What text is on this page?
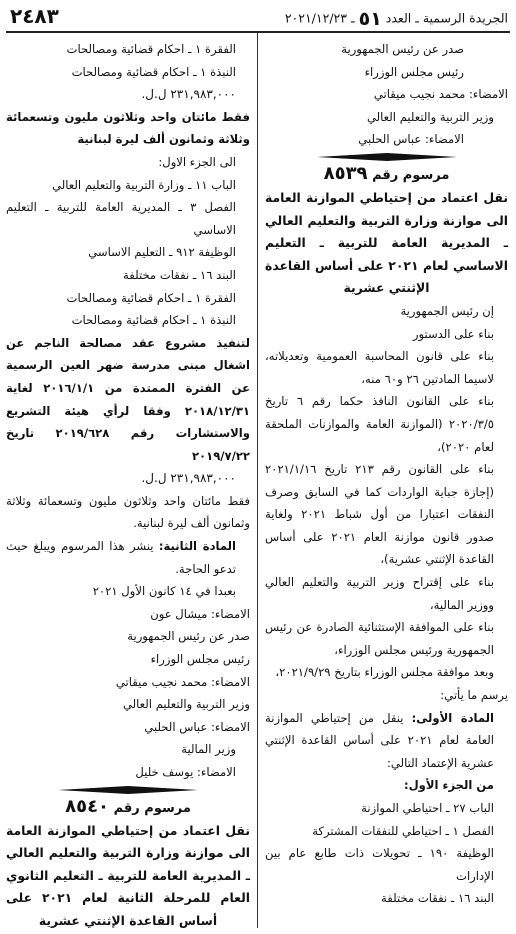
الجريدة الرسمية ـ العدد ٥١ ـ ٢٠٢١/١٢/٢٣
٢٤٨٣

صدر عن رئيس الجمهورية

رئيس مجلس الوزراء

الامضاء: محمد نجيب ميقاتي

وزير التربية والتعليم العالي

الامضاء: عباس الحلبي

مرسوم رقم ٨٥٣٩

نقل اعتماد من إحتياطي الموازنة العامة الى موازنة وزارة التربية والتعليم العالي ـ المديرية العامة للتربية ـ التعليم الاساسي لعام ٢٠٢١ على أساس القاعدة الإثنتي عشرية

إن رئيس الجمهورية

بناء على الدستور

بناء على قانون المحاسبة العمومية وتعديلاته، لاسيما المادتين ٢٦ و٦٠ منه،

بناء على القانون النافذ حكما رقم ٦ تاريخ ٢٠٢٠/٣/٥ (الموازنة العامة والموازنات الملحقة لعام ٢٠٢٠)،

بناء على القانون رقم ٢١٣ تاريخ ٢٠٢١/١/١٦ (إجازة جباية الواردات كما في السابق وصرف النفقات اعتبارا من أول شباط ٢٠٢١ ولغاية صدور قانون موازنة العام ٢٠٢١ على أساس القاعدة الإثنتي عشرية)،

بناء على إقتراح وزير التربية والتعليم العالي ووزير المالية،

بناء على الموافقة الإستثنائية الصادرة عن رئيس الجمهورية ورئيس مجلس الوزراء،

وبعد موافقة مجلس الوزراء بتاريخ ٢٠٢١/٩/٢٩،

يرسم ما يأتي:

المادة الأولى: ينقل من إحتياطي الموازنة العامة لعام ٢٠٢١ على أساس القاعدة الإثنتي عشرية الإعتماد التالي:

من الجزء الأول:

الباب ٢٧ ـ احتياطي الموازنة

الفصل ١ ـ احتياطي للنفقات المشتركة

الوظيفة ١٩٠ ـ تحويلات ذات طابع عام بين الإدارات

البند ١٦ ـ نفقات مختلفة

الفقرة ١ ـ احكام قضائية ومصالحات

النبذة ١ ـ احكام قضائية ومصالحات

٢٣١,٩٨٣,٠٠٠ ل.ل.

فقط مائتان واحد وثلاثون مليون وتسعمائة وثلاثة وثمانون ألف ليرة لبنانية

الى الجزء الاول:

الباب ١١ ـ وزارة التربية والتعليم العالي

الفصل ٣ ـ المديرية العامة للتربية ـ التعليم الاساسي

الوظيفة ٩١٢ ـ التعليم الاساسي

البند ١٦ ـ نفقات مختلفة

الفقرة ١ ـ احكام قضائية ومصالحات

النبذة ١ ـ احكام قضائية ومصالحات

لتنفيذ مشروع عقد مصالحة الناجم عن اشغال مبنى مدرسة ضهر العين الرسمية عن الفترة الممتدة من ٢٠١٦/١/١ لغاية ٢٠١٨/١٢/٣١ وفقا لرأي هيئة التشريع والاستشارات رقم ٢٠١٩/٦٢٨ تاريخ ٢٠١٩/٧/٢٢

٢٣١,٩٨٣,٠٠٠ ل.ل.

فقط مائتان واحد وثلاثون مليون وتسعمائة وثلاثة وثمانون ألف ليرة لبنانية.

المادة الثانية: ينشر هذا المرسوم ويبلغ حيث تدعو الحاجة.

بعبدا في ١٤ كانون الأول ٢٠٢١

الامضاء: ميشال عون

صدر عن رئيس الجمهورية

رئيس مجلس الوزراء

الامضاء: محمد نجيب ميقاتي

وزير التربية والتعليم العالي

الامضاء: عباس الحلبي

وزير المالية

الامضاء: يوسف خليل

مرسوم رقم ٨٥٤٠

نقل اعتماد من إحتياطي الموازنة العامة الى موازنة وزارة التربية والتعليم العالي ـ المديرية العامة للتربية ـ التعليم الثانوي العام للمرحلة الثانية لعام ٢٠٢١ على أساس القاعدة الإثنتي عشرية
